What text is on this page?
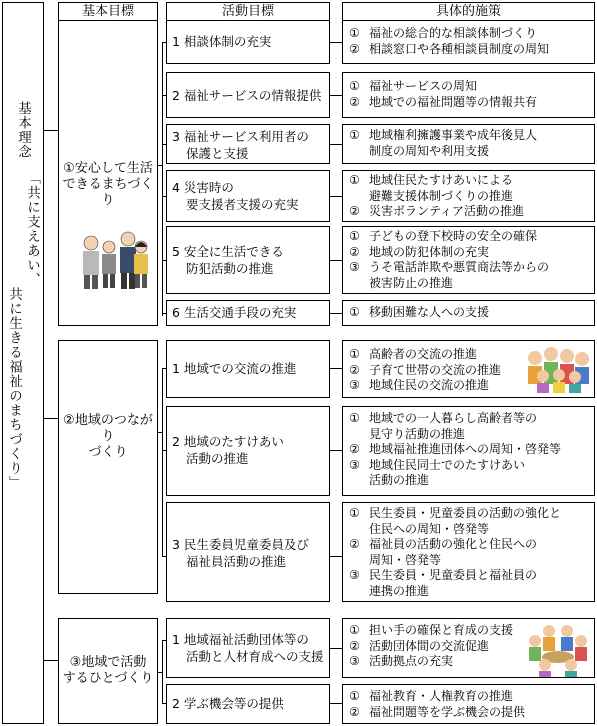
基本目標	活動目標	具体的施策
基本理念
「共に支えあい、
共に生きる福祉のまちづくり」
①安心して生活
できるまちづくり
②地域のつながり
づくり
③地域で活動
するひとづくり
1 相談体制の充実
2 福祉サービスの情報提供
3 福祉サービス利用者の
保護と支援
4 災害時の
要支援者支援の充実
5 安全に生活できる
防犯活動の推進
6 生活交通手段の充実
① 福祉の総合的な相談体制づくり
② 相談窓口や各種相談員制度の周知
① 福祉サービスの周知
② 地域での福祉問題等の情報共有
① 地域権利擁護事業や成年後見人
制度の周知や利用支援
① 地域住民たすけあいによる
避難支援体制づくりの推進
② 災害ボランティア活動の推進
① 子どもの登下校時の安全の確保
② 地域の防犯体制の充実
③ うそ電話詐欺や悪質商法等からの
被害防止の推進
① 移動困難な人への支援
1 地域での交流の推進
2 地域のたすけあい
活動の推進
3 民生委員児童委員及び
福祉員活動の推進
① 高齢者の交流の推進
② 子育て世帯の交流の推進
③ 地域住民の交流の推進
① 地域での一人暮らし高齢者等の
見守り活動の推進
② 地域福祉推進団体への周知・啓発等
③ 地域住民同士でのたすけあい
活動の推進
① 民生委員・児童委員の活動の強化と
住民への周知・啓発等
② 福祉員の活動の強化と住民への
周知・啓発等
③ 民生委員・児童委員と福祉員の
連携の推進
1 地域福祉活動団体等の
活動と人材育成への支援
2 学ぶ機会等の提供
① 担い手の確保と育成の支援
② 活動団体間の交流促進
③ 活動拠点の充実
① 福祉教育・人権教育の推進
② 福祉問題等を学ぶ機会の提供
